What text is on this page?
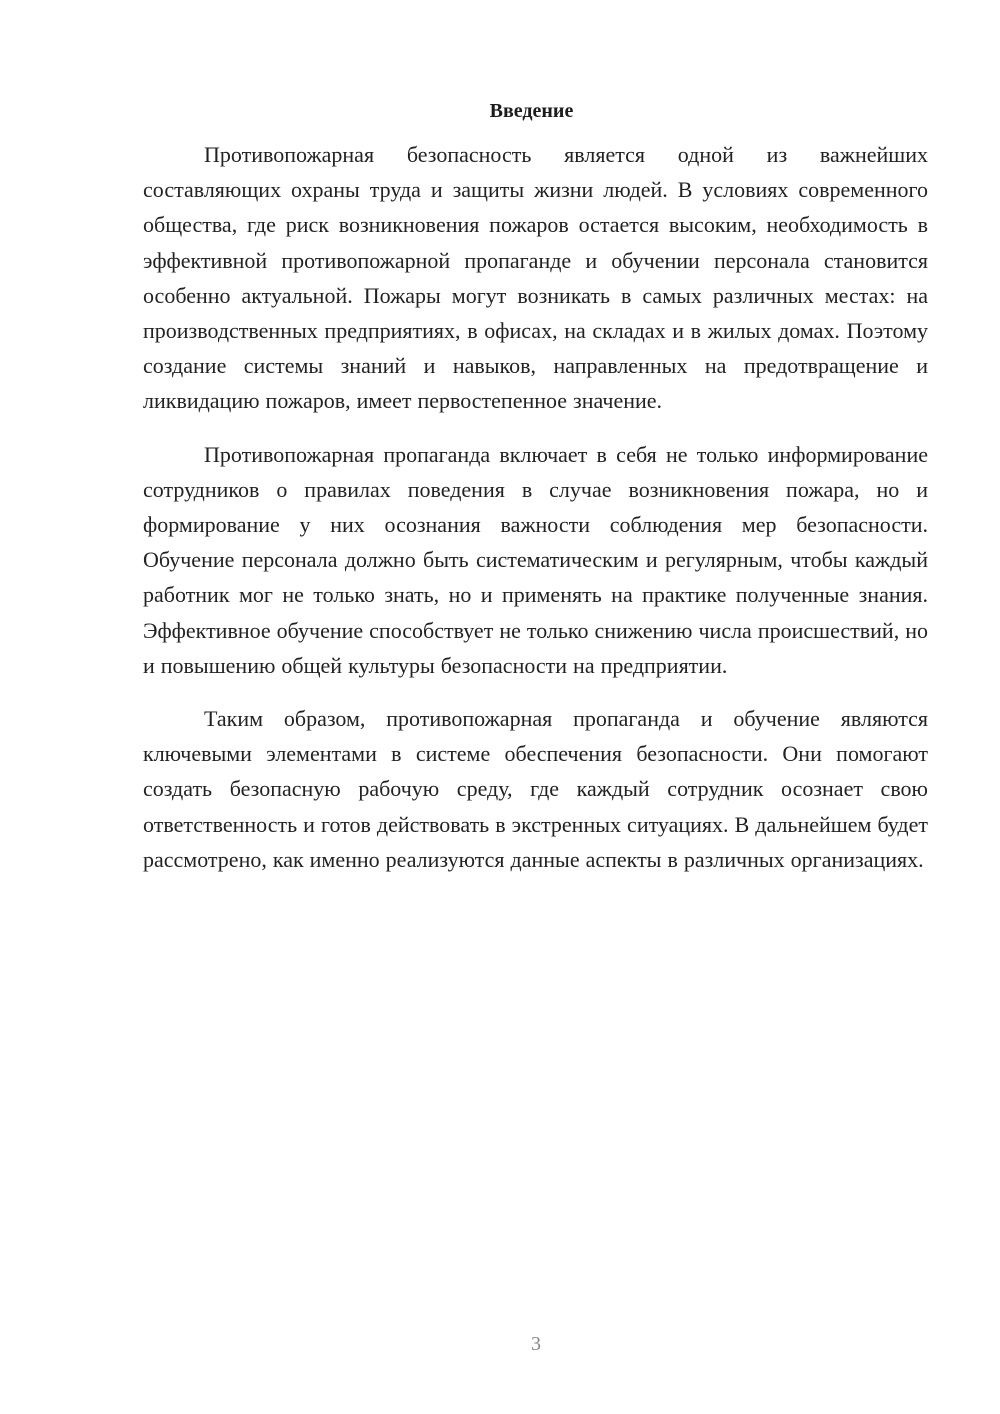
Введение

Противопожарная безопасность является одной из важнейших составляющих охраны труда и защиты жизни людей. В условиях современного общества, где риск возникновения пожаров остается высоким, необходимость в эффективной противопожарной пропаганде и обучении персонала становится особенно актуальной. Пожары могут возникать в самых различных местах: на производственных предприятиях, в офисах, на складах и в жилых домах. Поэтому создание системы знаний и навыков, направленных на предотвращение и ликвидацию пожаров, имеет первостепенное значение.

Противопожарная пропаганда включает в себя не только информирование сотрудников о правилах поведения в случае возникновения пожара, но и формирование у них осознания важности соблюдения мер безопасности. Обучение персонала должно быть систематическим и регулярным, чтобы каждый работник мог не только знать, но и применять на практике полученные знания. Эффективное обучение способствует не только снижению числа происшествий, но и повышению общей культуры безопасности на предприятии.

Таким образом, противопожарная пропаганда и обучение являются ключевыми элементами в системе обеспечения безопасности. Они помогают создать безопасную рабочую среду, где каждый сотрудник осознает свою ответственность и готов действовать в экстренных ситуациях. В дальнейшем будет рассмотрено, как именно реализуются данные аспекты в различных организациях.

3
